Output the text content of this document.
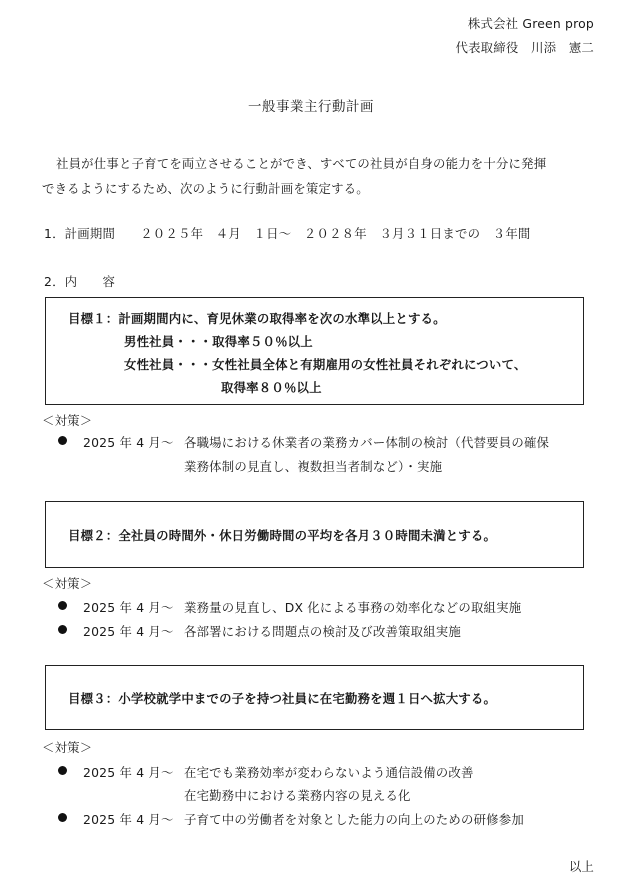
株式会社 Green prop
代表取締役　川添　憲二
一般事業主行動計画
社員が仕事と子育てを両立させることができ、すべての社員が自身の能力を十分に発揮
できるようにするため、次のように行動計画を策定する。
1．計画期間　　２０２５年　４月　１日～　２０２８年　３月３１日までの　３年間
2．内　　容
目標１：計画期間内に、育児休業の取得率を次の水準以上とする。
男性社員・・・取得率５０％以上
女性社員・・・女性社員全体と有期雇用の女性社員それぞれについて、
取得率８０％以上
＜対策＞
2025 年 4 月～ 各職場における休業者の業務カバー体制の検討（代替要員の確保
業務体制の見直し、複数担当者制など）・実施
目標２：全社員の時間外・休日労働時間の平均を各月３０時間未満とする。
＜対策＞
2025 年 4 月～ 業務量の見直し、DX 化による事務の効率化などの取組実施
2025 年 4 月～ 各部署における問題点の検討及び改善策取組実施
目標３：小学校就学中までの子を持つ社員に在宅勤務を週１日へ拡大する。
＜対策＞
2025 年 4 月～ 在宅でも業務効率が変わらないよう通信設備の改善
在宅勤務中における業務内容の見える化
2025 年 4 月～ 子育て中の労働者を対象とした能力の向上のための研修参加
以上
